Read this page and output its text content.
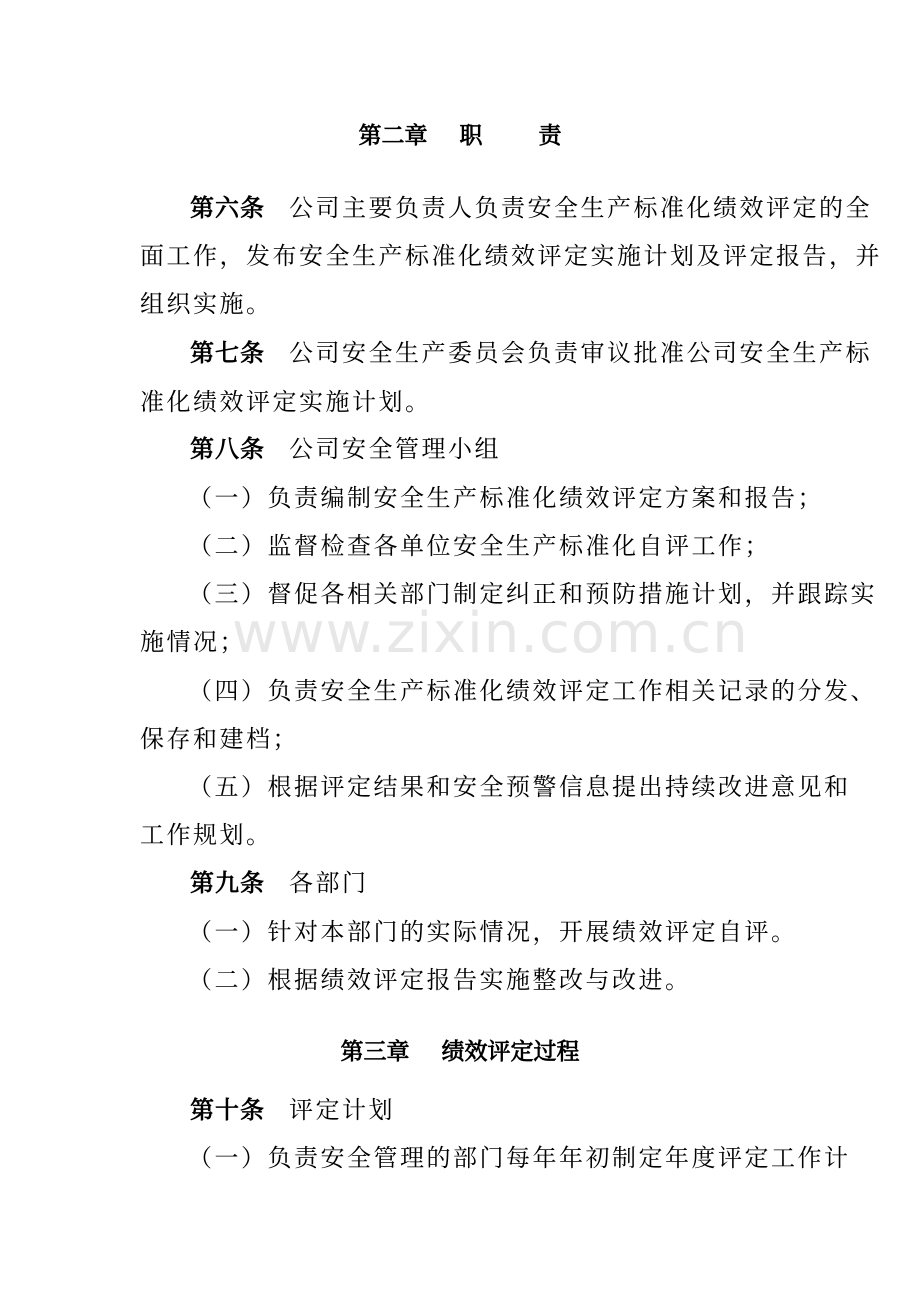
第二章    职       责
第六条 公司主要负责人负责安全生产标准化绩效评定的全
面工作，发布安全生产标准化绩效评定实施计划及评定报告，并
组织实施。
第七条 公司安全生产委员会负责审议批准公司安全生产标
准化绩效评定实施计划。
第八条 公司安全管理小组
（一）负责编制安全生产标准化绩效评定方案和报告；
（二）监督检查各单位安全生产标准化自评工作；
（三）督促各相关部门制定纠正和预防措施计划，并跟踪实
施情况；
（四）负责安全生产标准化绩效评定工作相关记录的分发、
保存和建档；
（五）根据评定结果和安全预警信息提出持续改进意见和
工作规划。
第九条 各部门
（一）针对本部门的实际情况，开展绩效评定自评。
（二）根据绩效评定报告实施整改与改进。
第三章    绩效评定过程
第十条 评定计划
（一）负责安全管理的部门每年年初制定年度评定工作计
www.zixin.com.cn
